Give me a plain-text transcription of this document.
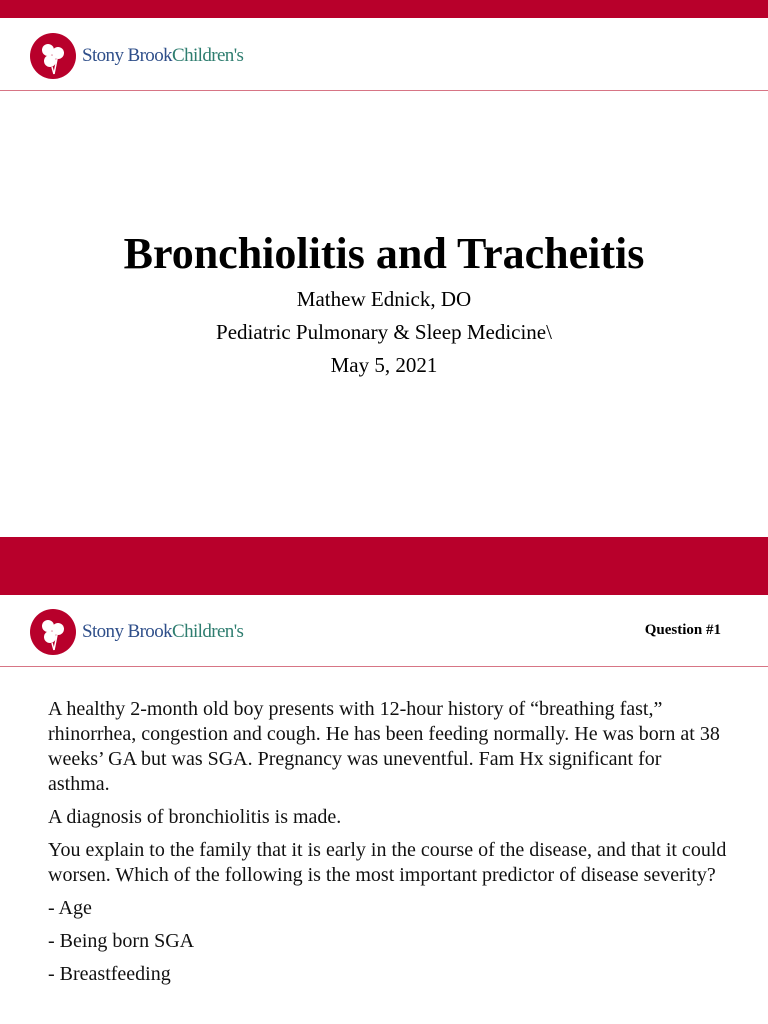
Stony BrookChildren's
Bronchiolitis and Tracheitis
Mathew Ednick, DO
Pediatric Pulmonary & Sleep Medicine\
May 5, 2021
Stony BrookChildren's	Question #1

A healthy 2-month old boy presents with 12-hour history of “breathing fast,” rhinorrhea, congestion and cough. He has been feeding normally. He was born at 38 weeks’ GA but was SGA. Pregnancy was uneventful. Fam Hx significant for asthma.

A diagnosis of bronchiolitis is made.

You explain to the family that it is early in the course of the disease, and that it could worsen. Which of the following is the most important predictor of disease severity?

- Age

- Being born SGA

- Breastfeeding
